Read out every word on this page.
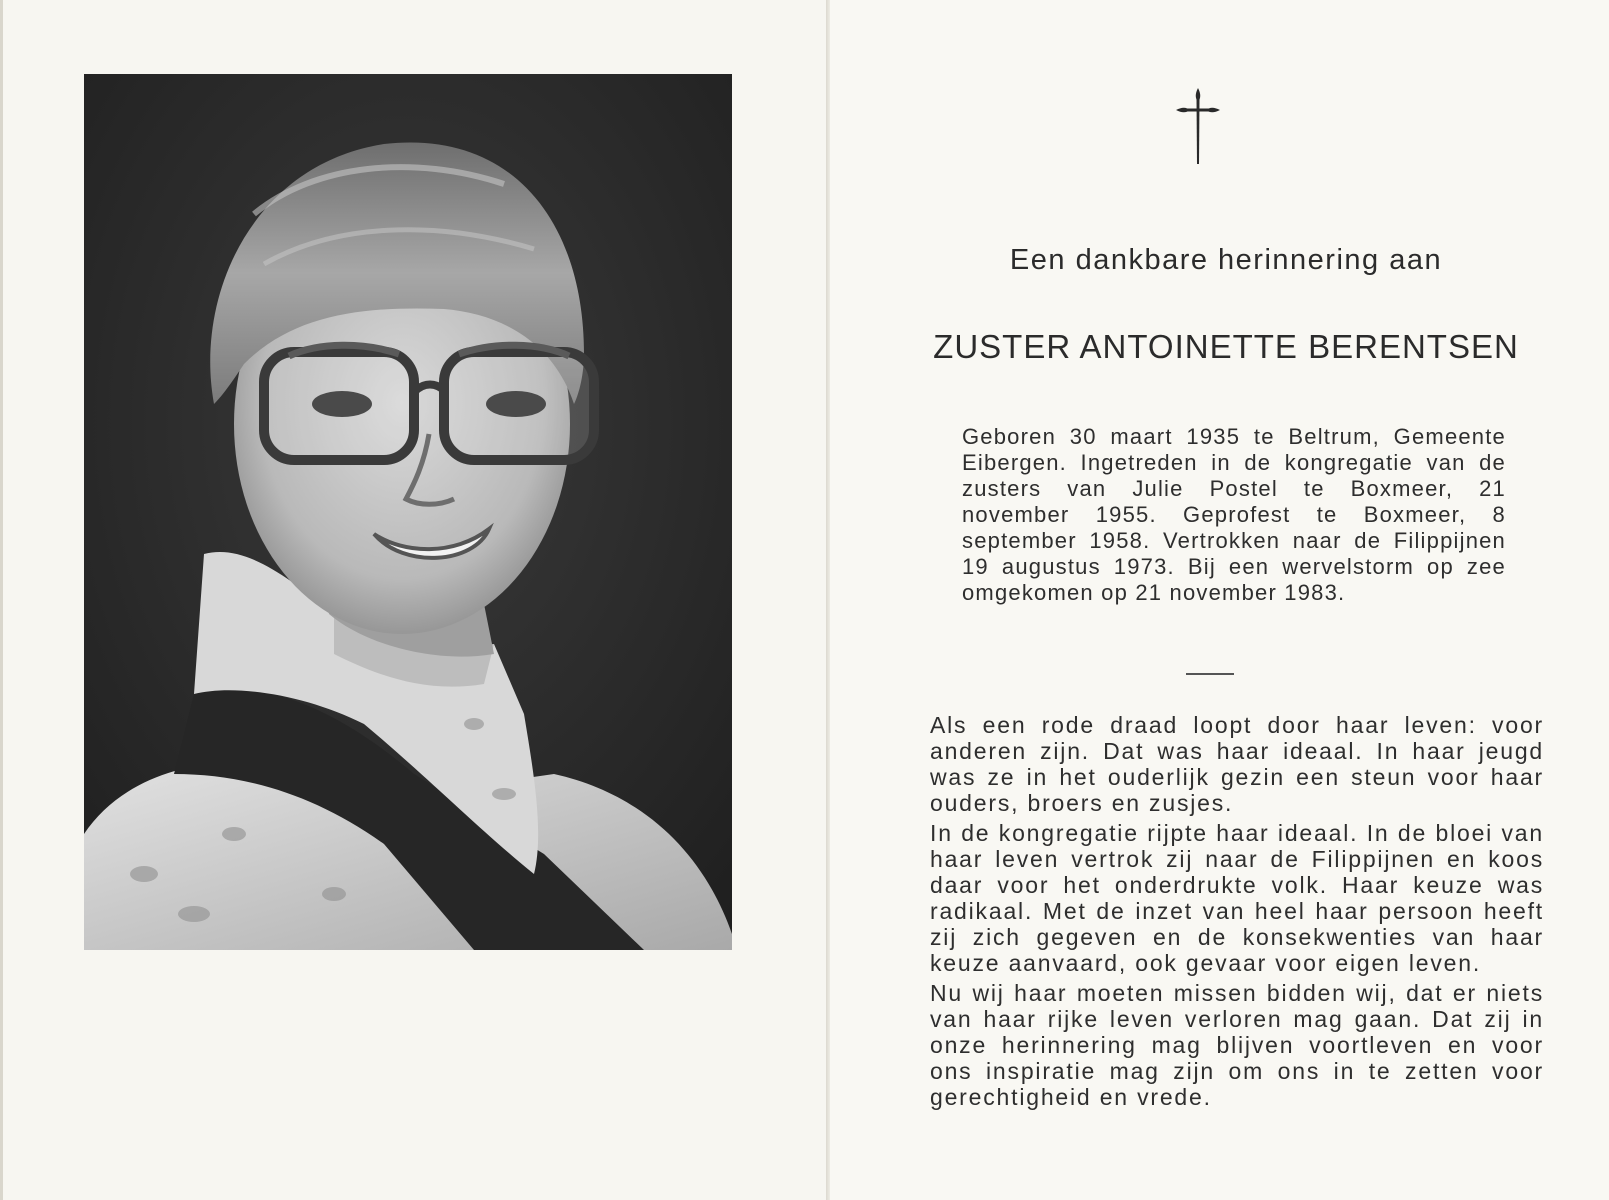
Een dankbare herinnering aan
ZUSTER ANTOINETTE BERENTSEN

Geboren 30 maart 1935 te Beltrum, Gemeente Eibergen. Ingetreden in de kongregatie van de zusters van Julie Postel te Boxmeer, 21 november 1955. Geprofest te Boxmeer, 8 september 1958. Vertrokken naar de Filippijnen 19 augustus 1973. Bij een wervelstorm op zee omgekomen op 21 november 1983.

Als een rode draad loopt door haar leven: voor anderen zijn. Dat was haar ideaal. In haar jeugd was ze in het ouderlijk gezin een steun voor haar ouders, broers en zusjes.

In de kongregatie rijpte haar ideaal. In de bloei van haar leven vertrok zij naar de Filippijnen en koos daar voor het onderdrukte volk. Haar keuze was radikaal. Met de inzet van heel haar persoon heeft zij zich gegeven en de konsekwenties van haar keuze aanvaard, ook gevaar voor eigen leven.

Nu wij haar moeten missen bidden wij, dat er niets van haar rijke leven verloren mag gaan. Dat zij in onze herinnering mag blijven voortleven en voor ons inspiratie mag zijn om ons in te zetten voor gerechtigheid en vrede.
